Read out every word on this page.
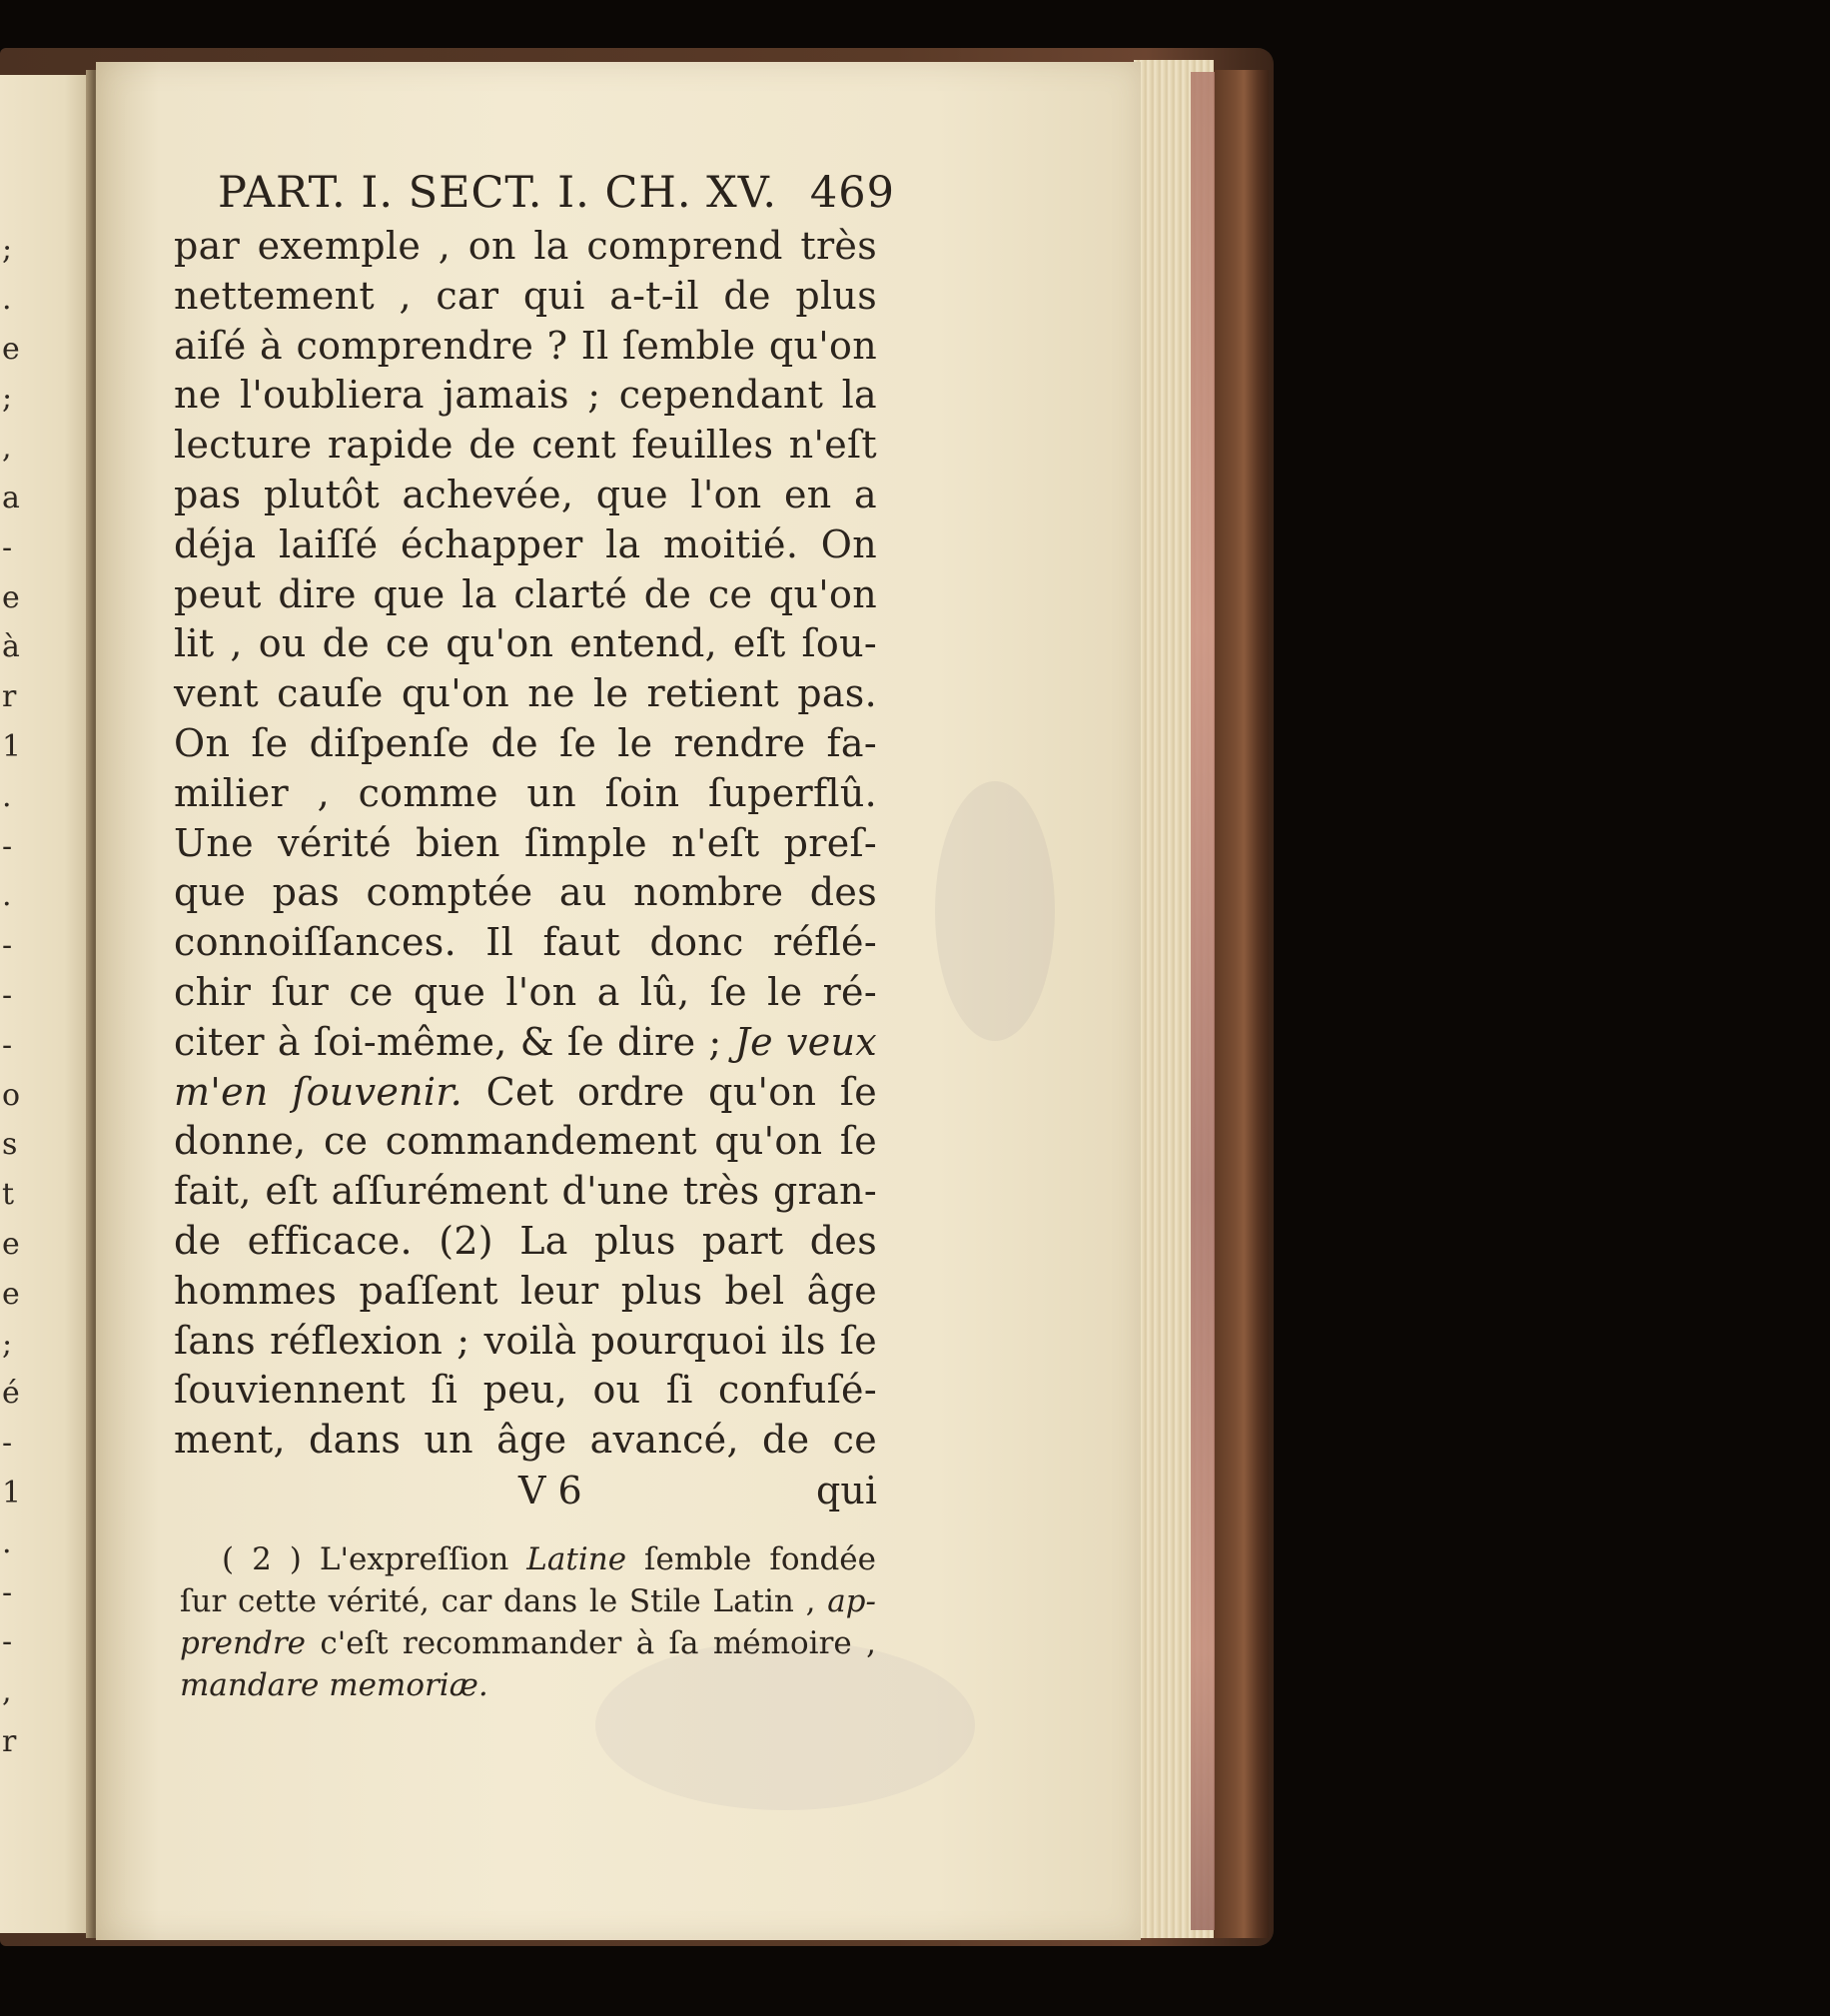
;
.
e
;
,
a
-
e
à
r
1
.
-
.
-
-
-
o
s
t
e
e
;
é
-
1
.
-
-
,
r
PART. I. SECT. I. CH. XV. 469
par exemple , on la comprend très
nettement , car qui a-t-il de plus
aiſé à comprendre ? Il ſemble qu'on
ne l'oubliera jamais ; cependant la
lecture rapide de cent feuilles n'eſt
pas plutôt achevée, que l'on en a
déja laiſſé échapper la moitié. On
peut dire que la clarté de ce qu'on
lit , ou de ce qu'on entend, eſt ſou-
vent cauſe qu'on ne le retient pas.
On ſe diſpenſe de ſe le rendre fa-
milier , comme un ſoin ſuperflû.
Une vérité bien ſimple n'eſt preſ-
que pas comptée au nombre des
connoiſſances. Il faut donc réflé-
chir ſur ce que l'on a lû, ſe le ré-
citer à ſoi-même, & ſe dire ; Je veux
m'en ſouvenir. Cet ordre qu'on ſe
donne, ce commandement qu'on ſe
fait, eſt aſſurément d'une très gran-
de efficace. (2) La plus part des
hommes paſſent leur plus bel âge
ſans réflexion ; voilà pourquoi ils ſe
ſouviennent ſi peu, ou ſi confuſé-
ment, dans un âge avancé, de ce
V 6	qui
( 2 ) L'expreſſion Latine ſemble fondée
ſur cette vérité, car dans le Stile Latin , ap-
prendre c'eſt recommander à ſa mémoire ,
mandare memoriæ.
